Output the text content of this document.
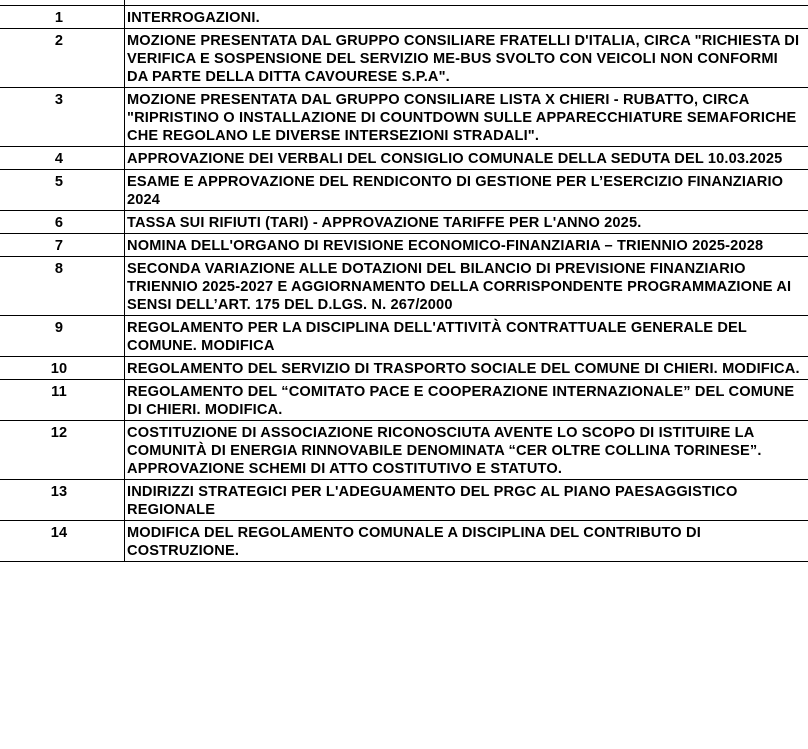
1	INTERROGAZIONI.
2	MOZIONE PRESENTATA DAL GRUPPO CONSILIARE FRATELLI D'ITALIA, CIRCA "RICHIESTA DI VERIFICA E SOSPENSIONE DEL SERVIZIO ME-BUS SVOLTO CON VEICOLI NON CONFORMI DA PARTE DELLA DITTA CAVOURESE S.P.A".
3	MOZIONE PRESENTATA DAL GRUPPO CONSILIARE LISTA X CHIERI - RUBATTO, CIRCA "RIPRISTINO O INSTALLAZIONE DI COUNTDOWN SULLE APPARECCHIATURE SEMAFORICHE CHE REGOLANO LE DIVERSE INTERSEZIONI STRADALI".
4	APPROVAZIONE DEI VERBALI DEL CONSIGLIO COMUNALE DELLA SEDUTA DEL 10.03.2025
5	ESAME E APPROVAZIONE DEL RENDICONTO DI GESTIONE PER L’ESERCIZIO FINANZIARIO 2024
6	TASSA SUI RIFIUTI (TARI) - APPROVAZIONE TARIFFE PER L'ANNO 2025.
7	NOMINA DELL'ORGANO DI REVISIONE ECONOMICO-FINANZIARIA – TRIENNIO 2025-2028
8	SECONDA VARIAZIONE ALLE DOTAZIONI DEL BILANCIO DI PREVISIONE FINANZIARIO TRIENNIO 2025-2027 E AGGIORNAMENTO DELLA CORRISPONDENTE PROGRAMMAZIONE AI SENSI DELL’ART. 175 DEL D.LGS. N. 267/2000
9	REGOLAMENTO PER LA DISCIPLINA DELL'ATTIVITÀ CONTRATTUALE GENERALE DEL COMUNE. MODIFICA
10	REGOLAMENTO DEL SERVIZIO DI TRASPORTO SOCIALE DEL COMUNE DI CHIERI. MODIFICA.
11	REGOLAMENTO DEL “COMITATO PACE E COOPERAZIONE INTERNAZIONALE” DEL COMUNE DI CHIERI. MODIFICA.
12	COSTITUZIONE DI ASSOCIAZIONE RICONOSCIUTA AVENTE LO SCOPO DI ISTITUIRE LA COMUNITÀ DI ENERGIA RINNOVABILE DENOMINATA “CER OLTRE COLLINA TORINESE”. APPROVAZIONE SCHEMI DI ATTO COSTITUTIVO E STATUTO.
13	INDIRIZZI STRATEGICI PER L'ADEGUAMENTO DEL PRGC AL PIANO PAESAGGISTICO REGIONALE
14	MODIFICA DEL REGOLAMENTO COMUNALE A DISCIPLINA DEL CONTRIBUTO DI COSTRUZIONE.
